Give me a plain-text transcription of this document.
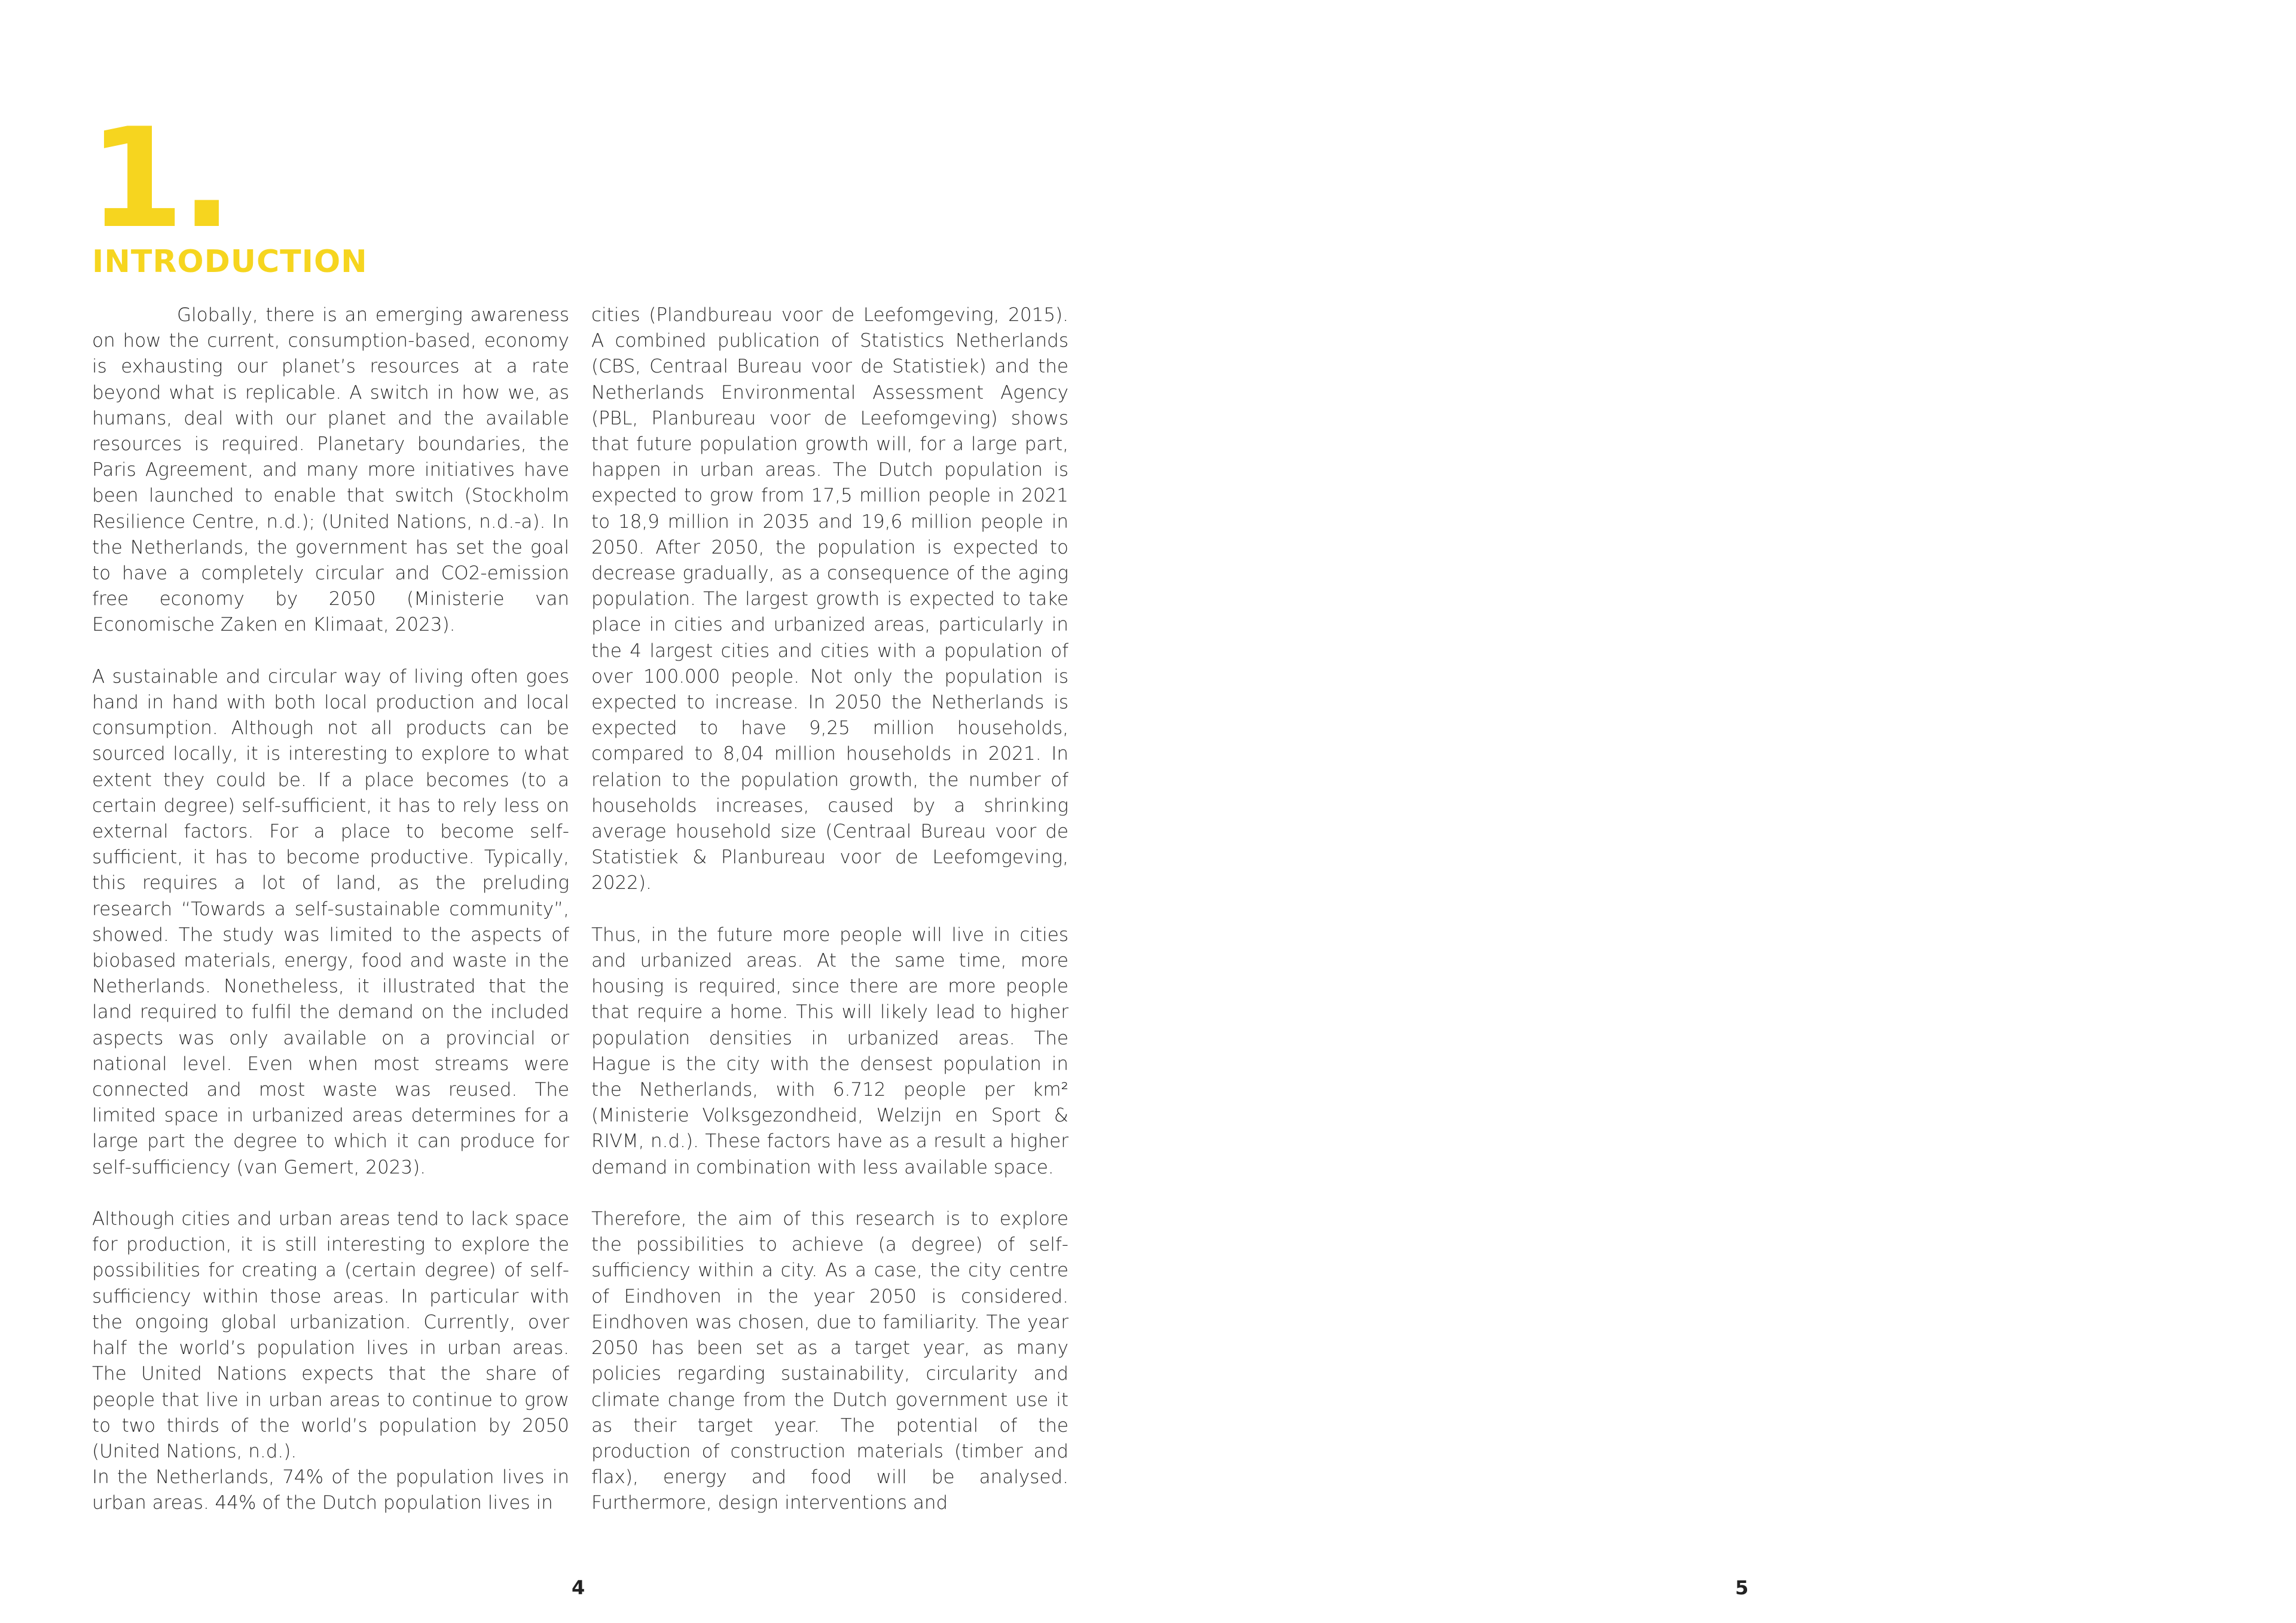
1.
INTRODUCTION

Globally, there is an emerging awareness on how the current, consumption-based, economy is exhausting our planet’s resources at a rate beyond what is replicable. A switch in how we, as humans, deal with our planet and the available resources is required. Planetary boundaries, the Paris Agreement, and many more initiatives have been launched to enable that switch (Stockholm Resilience Centre, n.d.); (United Nations, n.d.-a). In the Netherlands, the government has set the goal to have a completely circular and CO2-emission free economy by 2050 (Ministerie van Economische Zaken en Klimaat, 2023).

A sustainable and circular way of living often goes hand in hand with both local production and local consumption. Although not all products can be sourced locally, it is interesting to explore to what extent they could be. If a place becomes (to a certain degree) self-sufficient, it has to rely less on external factors. For a place to become self-sufficient, it has to become productive. Typically, this requires a lot of land, as the preluding research “Towards a self-sustainable community”, showed. The study was limited to the aspects of biobased materials, energy, food and waste in the Netherlands. Nonetheless, it illustrated that the land required to fulfil the demand on the included aspects was only available on a provincial or national level. Even when most streams were connected and most waste was reused. The limited space in urbanized areas determines for a large part the degree to which it can produce for self-sufficiency (van Gemert, 2023).

Although cities and urban areas tend to lack space for production, it is still interesting to explore the possibilities for creating a (certain degree) of self-sufficiency within those areas. In particular with the ongoing global urbanization. Currently, over half the world’s population lives in urban areas. The United Nations expects that the share of people that live in urban areas to continue to grow to two thirds of the world’s population by 2050 (United Nations, n.d.).

In the Netherlands, 74% of the population lives in urban areas. 44% of the Dutch population lives in

cities (Plandbureau voor de Leefomgeving, 2015). A combined publication of Statistics Netherlands (CBS, Centraal Bureau voor de Statistiek) and the Netherlands Environmental Assessment Agency (PBL, Planbureau voor de Leefomgeving) shows that future population growth will, for a large part, happen in urban areas. The Dutch population is expected to grow from 17,5 million people in 2021 to 18,9 million in 2035 and 19,6 million people in 2050. After 2050, the population is expected to decrease gradually, as a consequence of the aging population. The largest growth is expected to take place in cities and urbanized areas, particularly in the 4 largest cities and cities with a population of over 100.000 people. Not only the population is expected to increase. In 2050 the Netherlands is expected to have 9,25 million households, compared to 8,04 million households in 2021. In relation to the population growth, the number of households increases, caused by a shrinking average household size (Centraal Bureau voor de Statistiek & Planbureau voor de Leefomgeving, 2022).

Thus, in the future more people will live in cities and urbanized areas. At the same time, more housing is required, since there are more people that require a home. This will likely lead to higher population densities in urbanized areas. The Hague is the city with the densest population in the Netherlands, with 6.712 people per km² (Ministerie Volksgezondheid, Welzijn en Sport & RIVM, n.d.). These factors have as a result a higher demand in combination with less available space.

Therefore, the aim of this research is to explore the possibilities to achieve (a degree) of self-sufficiency within a city. As a case, the city centre of Eindhoven in the year 2050 is considered. Eindhoven was chosen, due to familiarity. The year 2050 has been set as a target year, as many policies regarding sustainability, circularity and climate change from the Dutch government use it as their target year. The potential of the production of construction materials (timber and flax), energy and food will be analysed. Furthermore, design interventions and

4	5
